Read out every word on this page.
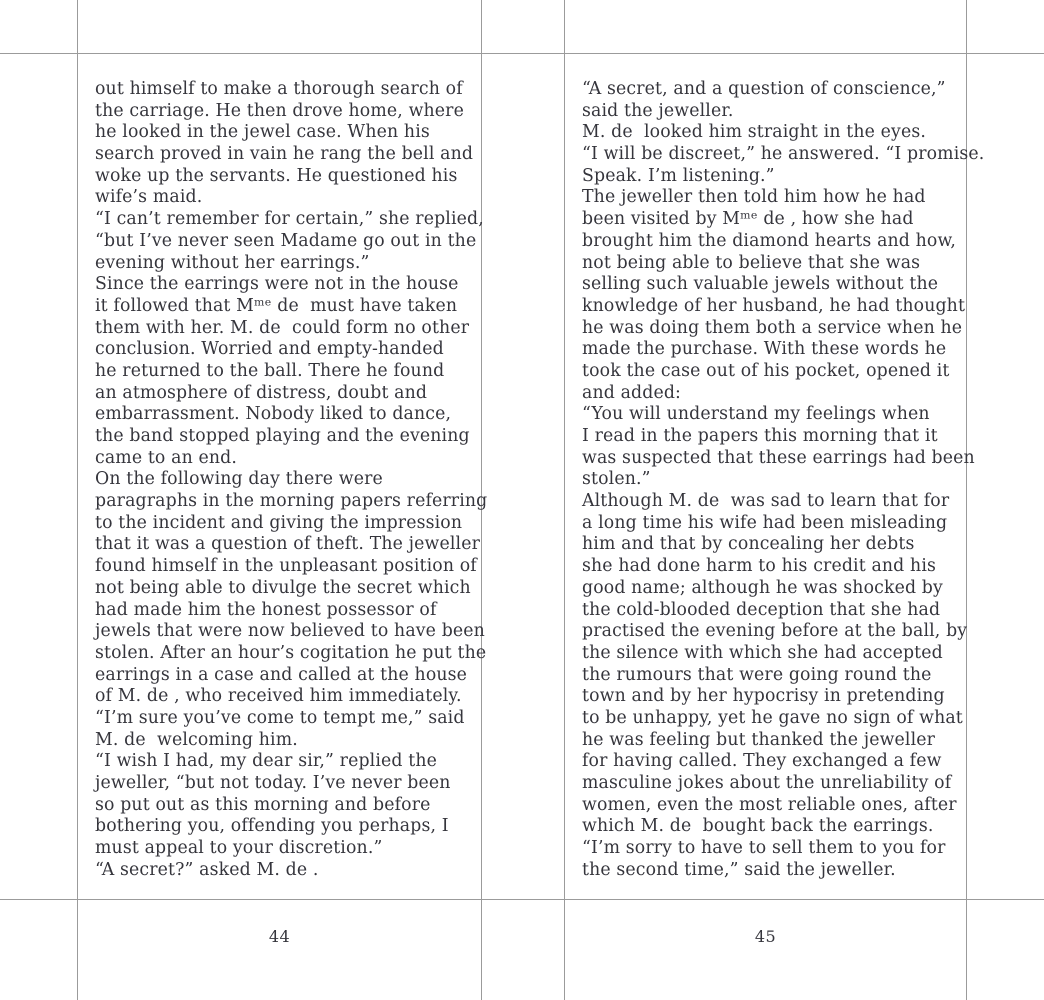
out himself to make a thorough search of
the carriage. He then drove home, where
he looked in the jewel case. When his
search proved in vain he rang the bell and
woke up the servants. He questioned his
wife’s maid.
“I can’t remember for certain,” she replied,
“but I’ve never seen Madame go out in the
evening without her earrings.”
Since the earrings were not in the house
it followed that Mᵐᵉ de  must have taken
them with her. M. de  could form no other
conclusion. Worried and empty-handed
he returned to the ball. There he found
an atmosphere of distress, doubt and
embarrassment. Nobody liked to dance,
the band stopped playing and the evening
came to an end.
On the following day there were
paragraphs in the morning papers referring
to the incident and giving the impression
that it was a question of theft. The jeweller
found himself in the unpleasant position of
not being able to divulge the secret which
had made him the honest possessor of
jewels that were now believed to have been
stolen. After an hour’s cogitation he put the
earrings in a case and called at the house
of M. de , who received him immediately.
“I’m sure you’ve come to tempt me,” said
M. de  welcoming him.
“I wish I had, my dear sir,” replied the
jeweller, “but not today. I’ve never been
so put out as this morning and before
bothering you, offending you perhaps, I
must appeal to your discretion.”
“A secret?” asked M. de .
“A secret, and a question of conscience,”
said the jeweller.
M. de  looked him straight in the eyes.
“I will be discreet,” he answered. “I promise.
Speak. I’m listening.”
The jeweller then told him how he had
been visited by Mᵐᵉ de , how she had
brought him the diamond hearts and how,
not being able to believe that she was
selling such valuable jewels without the
knowledge of her husband, he had thought
he was doing them both a service when he
made the purchase. With these words he
took the case out of his pocket, opened it
and added:
“You will understand my feelings when
I read in the papers this morning that it
was suspected that these earrings had been
stolen.”
Although M. de  was sad to learn that for
a long time his wife had been misleading
him and that by concealing her debts
she had done harm to his credit and his
good name; although he was shocked by
the cold-blooded deception that she had
practised the evening before at the ball, by
the silence with which she had accepted
the rumours that were going round the
town and by her hypocrisy in pretending
to be unhappy, yet he gave no sign of what
he was feeling but thanked the jeweller
for having called. They exchanged a few
masculine jokes about the unreliability of
women, even the most reliable ones, after
which M. de  bought back the earrings.
“I’m sorry to have to sell them to you for
the second time,” said the jeweller.
44	45
